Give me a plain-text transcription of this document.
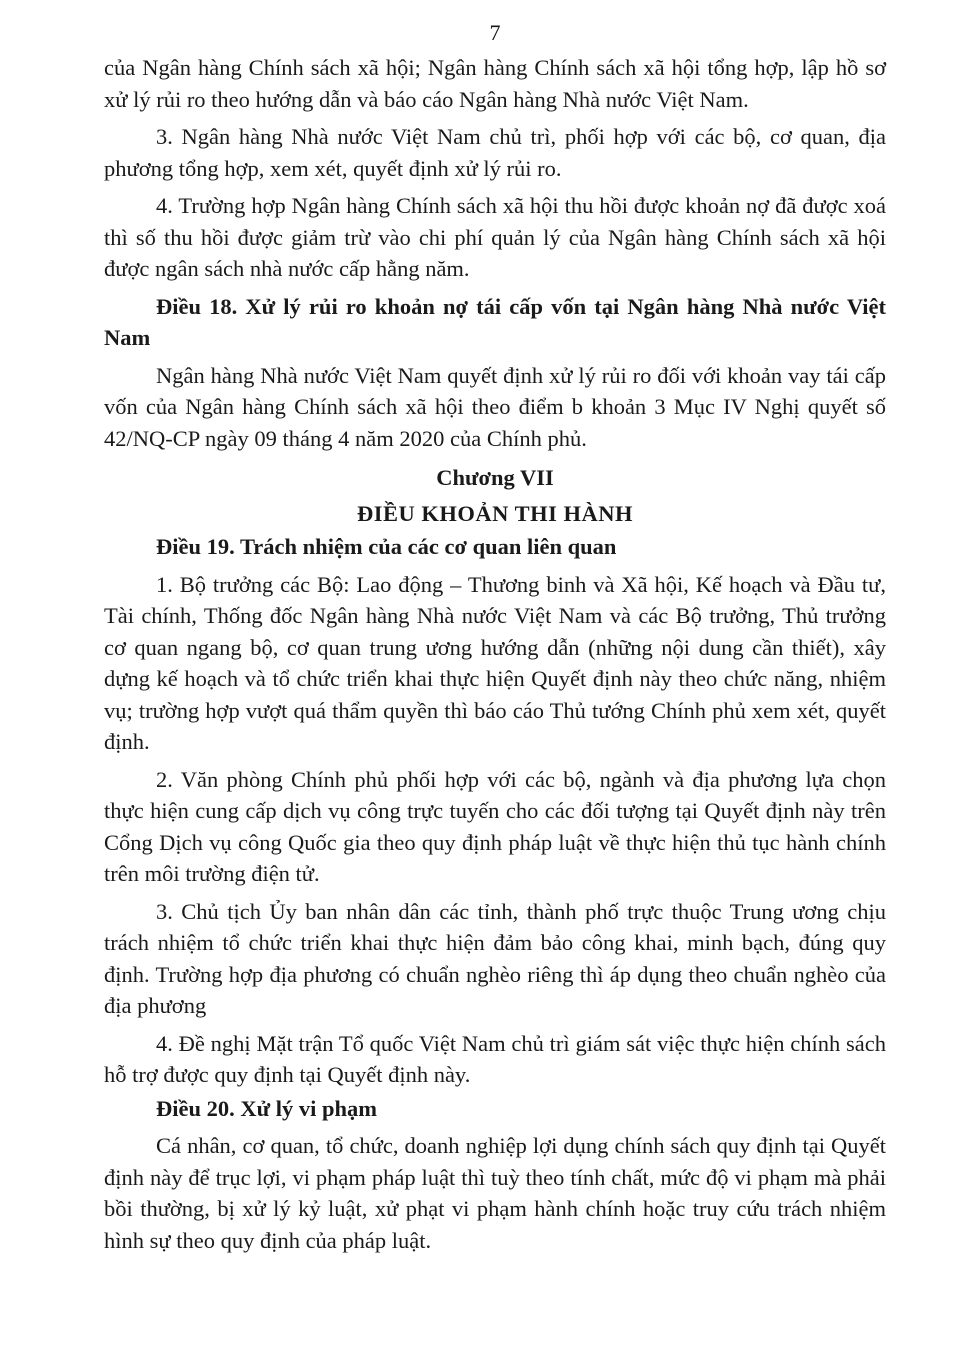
7

của Ngân hàng Chính sách xã hội; Ngân hàng Chính sách xã hội tổng hợp, lập hồ sơ xử lý rủi ro theo hướng dẫn và báo cáo Ngân hàng Nhà nước Việt Nam.

3. Ngân hàng Nhà nước Việt Nam chủ trì, phối hợp với các bộ, cơ quan, địa phương tổng hợp, xem xét, quyết định xử lý rủi ro.

4. Trường hợp Ngân hàng Chính sách xã hội thu hồi được khoản nợ đã được xoá thì số thu hồi được giảm trừ vào chi phí quản lý của Ngân hàng Chính sách xã hội được ngân sách nhà nước cấp hằng năm.

Điều 18. Xử lý rủi ro khoản nợ tái cấp vốn tại Ngân hàng Nhà nước Việt Nam

Ngân hàng Nhà nước Việt Nam quyết định xử lý rủi ro đối với khoản vay tái cấp vốn của Ngân hàng Chính sách xã hội theo điểm b khoản 3 Mục IV Nghị quyết số 42/NQ-CP ngày 09 tháng 4 năm 2020 của Chính phủ.

Chương VII

ĐIỀU KHOẢN THI HÀNH

Điều 19. Trách nhiệm của các cơ quan liên quan

1. Bộ trưởng các Bộ: Lao động – Thương binh và Xã hội, Kế hoạch và Đầu tư, Tài chính, Thống đốc Ngân hàng Nhà nước Việt Nam và các Bộ trưởng, Thủ trưởng cơ quan ngang bộ, cơ quan trung ương hướng dẫn (những nội dung cần thiết), xây dựng kế hoạch và tổ chức triển khai thực hiện Quyết định này theo chức năng, nhiệm vụ; trường hợp vượt quá thẩm quyền thì báo cáo Thủ tướng Chính phủ xem xét, quyết định.

2. Văn phòng Chính phủ phối hợp với các bộ, ngành và địa phương lựa chọn thực hiện cung cấp dịch vụ công trực tuyến cho các đối tượng tại Quyết định này trên Cổng Dịch vụ công Quốc gia theo quy định pháp luật về thực hiện thủ tục hành chính trên môi trường điện tử.

3. Chủ tịch Ủy ban nhân dân các tỉnh, thành phố trực thuộc Trung ương chịu trách nhiệm tổ chức triển khai thực hiện đảm bảo công khai, minh bạch, đúng quy định. Trường hợp địa phương có chuẩn nghèo riêng thì áp dụng theo chuẩn nghèo của địa phương

4. Đề nghị Mặt trận Tổ quốc Việt Nam chủ trì giám sát việc thực hiện chính sách hỗ trợ được quy định tại Quyết định này.

Điều 20. Xử lý vi phạm

Cá nhân, cơ quan, tổ chức, doanh nghiệp lợi dụng chính sách quy định tại Quyết định này để trục lợi, vi phạm pháp luật thì tuỳ theo tính chất, mức độ vi phạm mà phải bồi thường, bị xử lý kỷ luật, xử phạt vi phạm hành chính hoặc truy cứu trách nhiệm hình sự theo quy định của pháp luật.
